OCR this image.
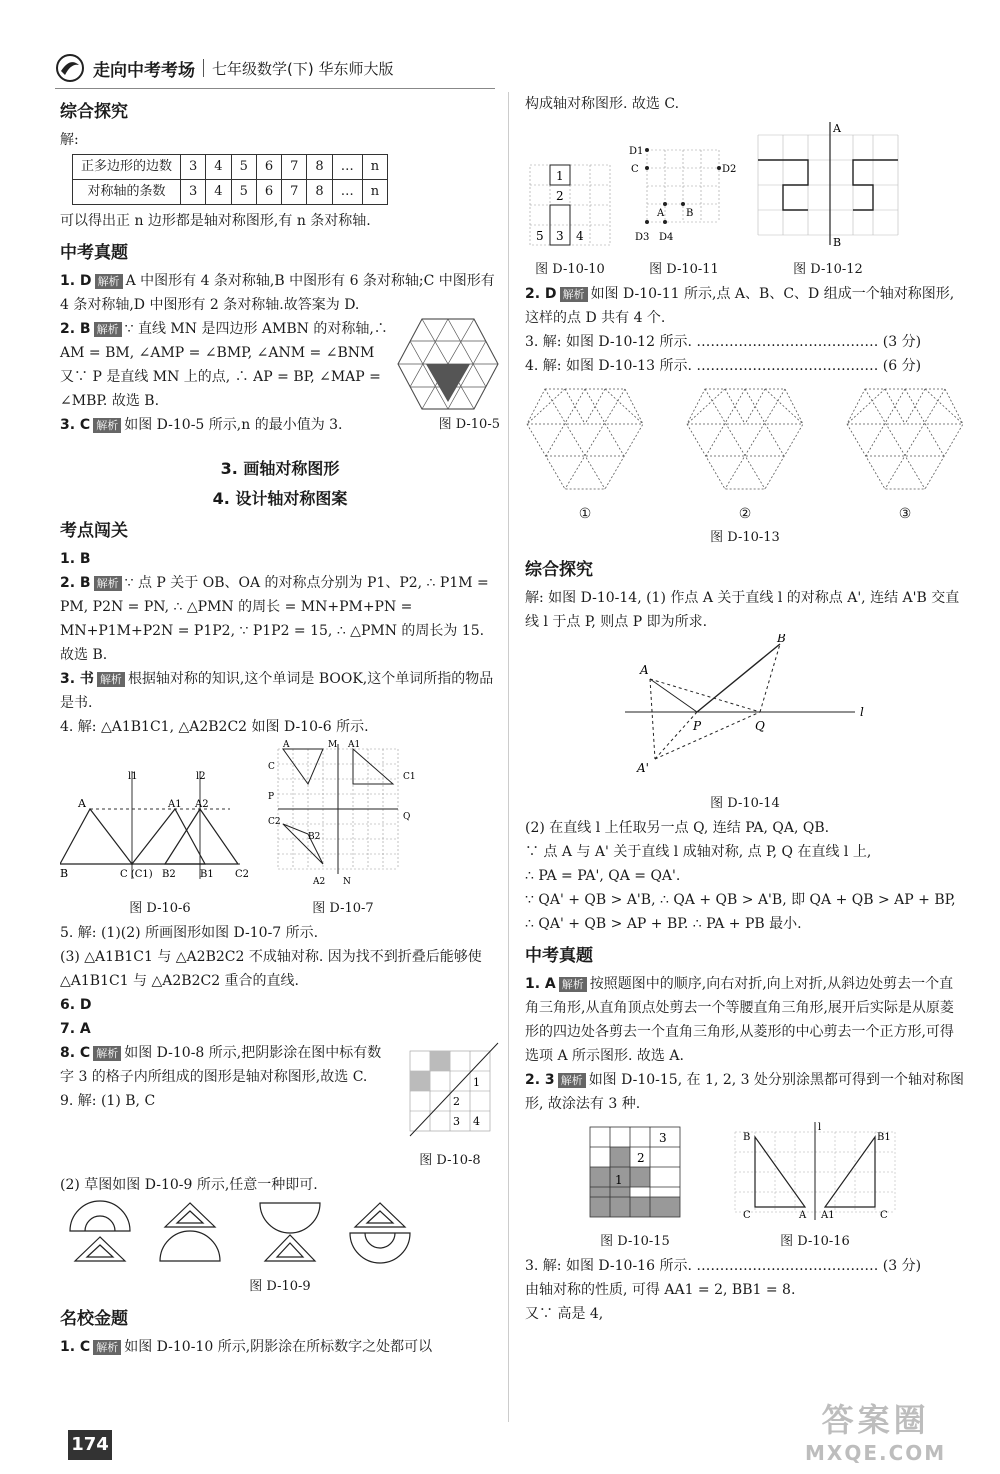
走向中考考场 七年级数学(下) 华东师大版
综合探究

解:

正多边形的边数	3	4	5	6	7	8	…	n
对称轴的条数	3	4	5	6	7	8	…	n

可以得出正 n 边形都是轴对称图形,有 n 条对称轴.

中考真题

1. D 解析 A 中图形有 4 条对称轴,B 中图形有 6 条对称轴;C 中图形有 4 条对称轴,D 中图形有 2 条对称轴.故答案为 D.

2. B 解析 ∵ 直线 MN 是四边形 AMBN 的对称轴,∴ AM = BM, ∠AMP = ∠BMP, ∠ANM = ∠BNM 又∵ P 是直线 MN 上的点, ∴ AP = BP, ∠MAP = ∠MBP. 故选 B.

3. C 解析 如图 D-10-5 所示,n 的最小值为 3.	图 D-10-5
3. 画轴对称图形
4. 设计轴对称图案
考点闯关

1. B

2. B 解析 ∵ 点 P 关于 OB、OA 的对称点分别为 P1、P2, ∴ P1M = PM, P2N = PN, ∴ △PMN 的周长 = MN+PM+PN = MN+P1M+P2N = P1P2, ∵ P1P2 = 15, ∴ △PMN 的周长为 15. 故选 B.

3. 书 解析 根据轴对称的知识,这个单词是 BOOK,这个单词所指的物品是书.

4. 解: △A1B1C1, △A2B2C2 如图 D-10-6 所示.

l1	l2
A	A1 A2
B	C (C1) B2 B1 C2
图 D-10-6
A	M A1
C
C1
P
Q
C2
B2
A2 N
图 D-10-7

5. 解: (1)(2) 所画图形如图 D-10-7 所示.

(3) △A1B1C1 与 △A2B2C2 不成轴对称. 因为找不到折叠后能够使 △A1B1C1 与 △A2B2C2 重合的直线.

6. D

7. A

8. C 解析 如图 D-10-8 所示,把阴影涂在图中标有数字 3 的格子内所组成的图形是轴对称图形,故选 C.

9. 解: (1) B, C

1
2
3 4
图 D-10-8

(2) 草图如图 D-10-9 所示,任意一种即可.

图 D-10-9
名校金题

1. C 解析 如图 D-10-10 所示,阴影涂在所标数字之处都可以

构成轴对称图形. 故选 C.

1
2
5 3 4
图 D-10-10
D1
C	D2
A B
D3 D4
图 D-10-11
A
B
图 D-10-12

2. D 解析 如图 D-10-11 所示,点 A、B、C、D 组成一个轴对称图形,这样的点 D 共有 4 个.

3. 解: 如图 D-10-12 所示. ………………………………… (3 分)

4. 解: 如图 D-10-13 所示. ………………………………… (6 分)

①	②	③
图 D-10-13
综合探究

解: 如图 D-10-14, (1) 作点 A 关于直线 l 的对称点 A', 连结 A'B 交直线 l 于点 P, 则点 P 即为所求.

A
B
P	Q
l
A'
图 D-10-14

(2) 在直线 l 上任取另一点 Q, 连结 PA, QA, QB.

∵ 点 A 与 A' 关于直线 l 成轴对称, 点 P, Q 在直线 l 上,

∴ PA = PA', QA = QA'.

∵ QA' + QB > A'B, ∴ QA + QB > A'B, 即 QA + QB > AP + BP,

∴ QA' + QB > AP + BP. ∴ PA + PB 最小.

中考真题

1. A 解析 按照题图中的顺序,向右对折,向上对折,从斜边处剪去一个直角三角形,从直角顶点处剪去一个等腰直角三角形,展开后实际是从原菱形的四边处各剪去一个直角三角形,从菱形的中心剪去一个正方形,可得选项 A 所示图形. 故选 A.

2. 3 解析 如图 D-10-15, 在 1, 2, 3 处分别涂黑都可得到一个轴对称图形, 故涂法有 3 种.

3
2
1
图 D-10-15
B	B1
C	A A1	C
l
图 D-10-16

3. 解: 如图 D-10-16 所示. ………………………………… (3 分)

由轴对称的性质, 可得 AA1 = 2, BB1 = 8.

又∵ 高是 4,

174
答案圈
MXQE.COM
